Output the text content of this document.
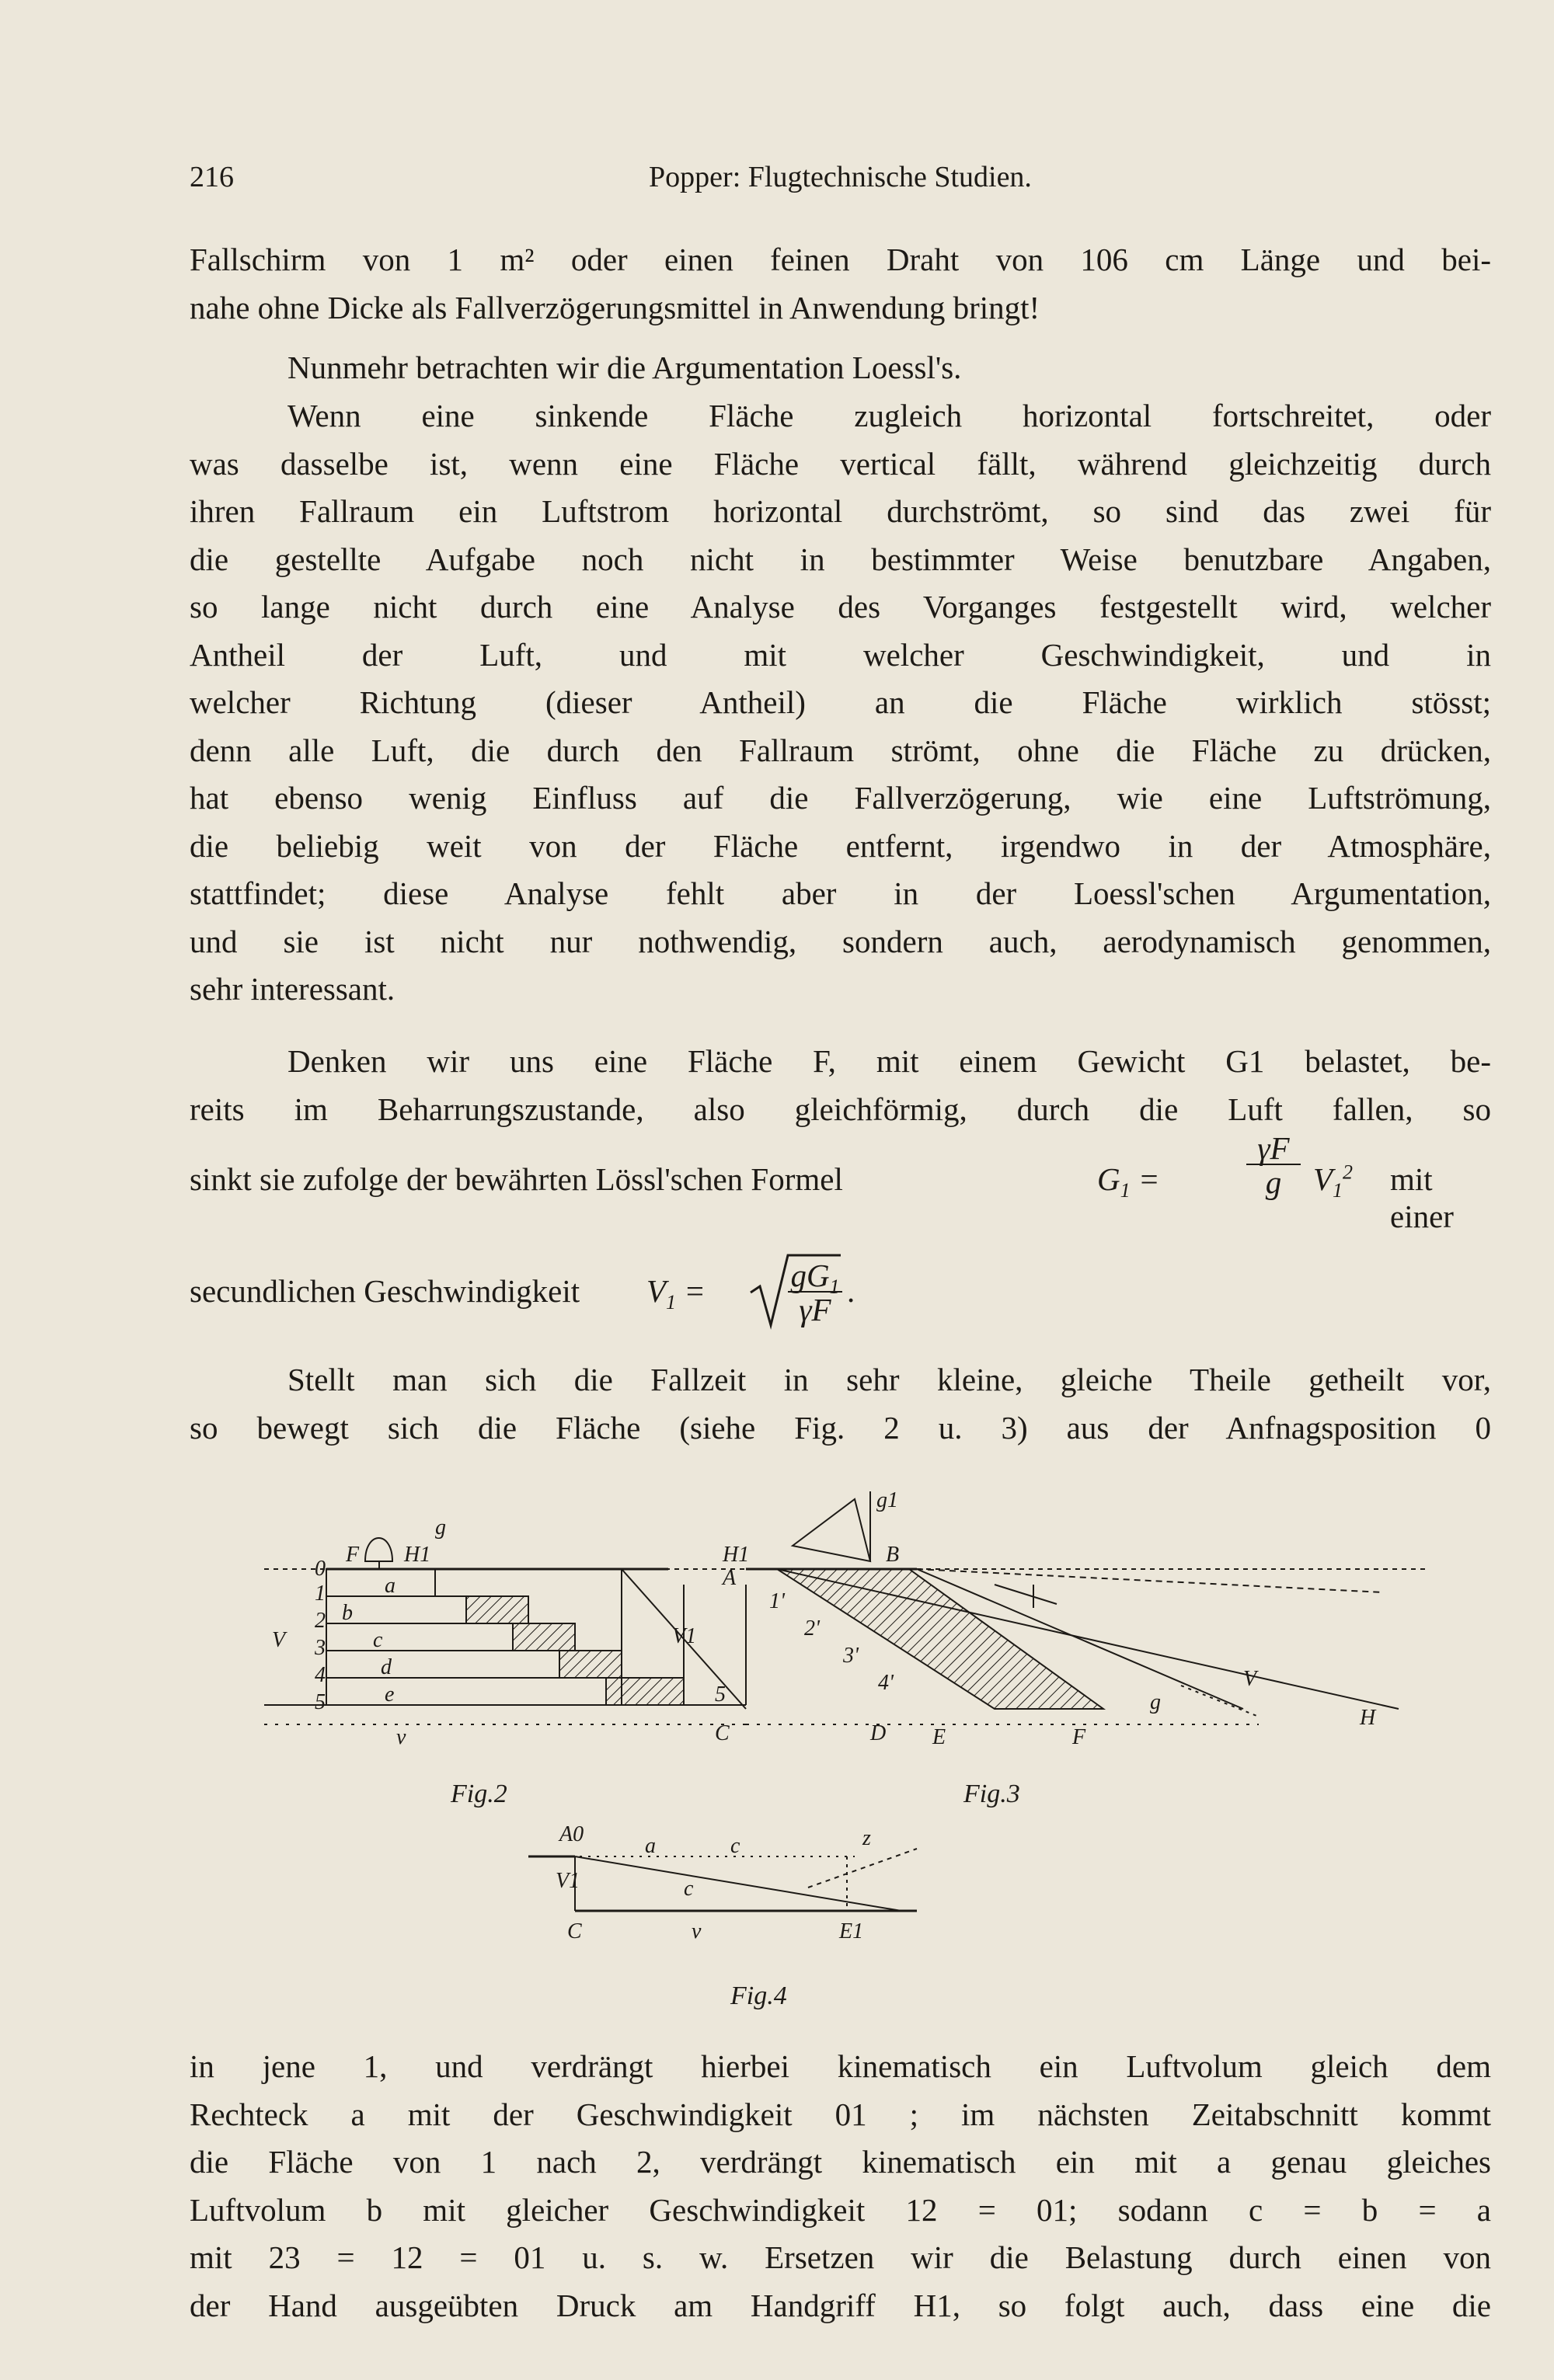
216	Popper: Flugtechnische Studien.
Fallschirm von 1 m² oder einen feinen Draht von 106 cm Länge und bei-
nahe ohne Dicke als Fallverzögerungsmittel in Anwendung bringt!
Nunmehr betrachten wir die Argumentation Loessl's.
Wenn eine sinkende Fläche zugleich horizontal fortschreitet, oder
was dasselbe ist, wenn eine Fläche vertical fällt, während gleichzeitig durch
ihren Fallraum ein Luftstrom horizontal durchströmt, so sind das zwei für
die gestellte Aufgabe noch nicht in bestimmter Weise benutzbare Angaben,
so lange nicht durch eine Analyse des Vorganges festgestellt wird, welcher
Antheil der Luft, und mit welcher Geschwindigkeit, und in
welcher Richtung (dieser Antheil) an die Fläche wirklich stösst;
denn alle Luft, die durch den Fallraum strömt, ohne die Fläche zu drücken,
hat ebenso wenig Einfluss auf die Fallverzögerung, wie eine Luftströmung,
die beliebig weit von der Fläche entfernt, irgendwo in der Atmosphäre,
stattfindet; diese Analyse fehlt aber in der Loessl'schen Argumentation,
und sie ist nicht nur nothwendig, sondern auch, aerodynamisch genommen,
sehr interessant.
Denken wir uns eine Fläche F, mit einem Gewicht G1 belastet, be-
reits im Beharrungszustande, also gleichförmig, durch die Luft fallen, so
sinkt sie zufolge der bewährten Lössl'schen Formel	$G_1$ =	$\frac{\gamma F}{g} V_1^2$ mit einer
secundlichen Geschwindigkeit $V_1$ =	$\frac{gG_1}{\gamma F}$ .
Stellt man sich die Fallzeit in sehr kleine, gleiche Theile getheilt vor,
so bewegt sich die Fläche (siehe Fig. 2 u. 3) aus der Anfnagsposition 0
g
F H1
0
1
2
3
4
5
a
b
c
d
e
V
v
H1
g1
A
B
1'
2'
3'
4'
5
V1
C	D E	F
g
V
H
A0	a	c	z
V1	c
C	v	E1
Fig.2	Fig.3
Fig.4
in jene 1, und verdrängt hierbei kinematisch ein Luftvolum gleich dem
Rechteck a mit der Geschwindigkeit 01 ; im nächsten Zeitabschnitt kommt
die Fläche von 1 nach 2, verdrängt kinematisch ein mit a genau gleiches
Luftvolum b mit gleicher Geschwindigkeit 12 = 01; sodann c = b = a
mit 23 = 12 = 01 u. s. w. Ersetzen wir die Belastung durch einen von
der Hand ausgeübten Druck am Handgriff H1, so folgt auch, dass eine die
